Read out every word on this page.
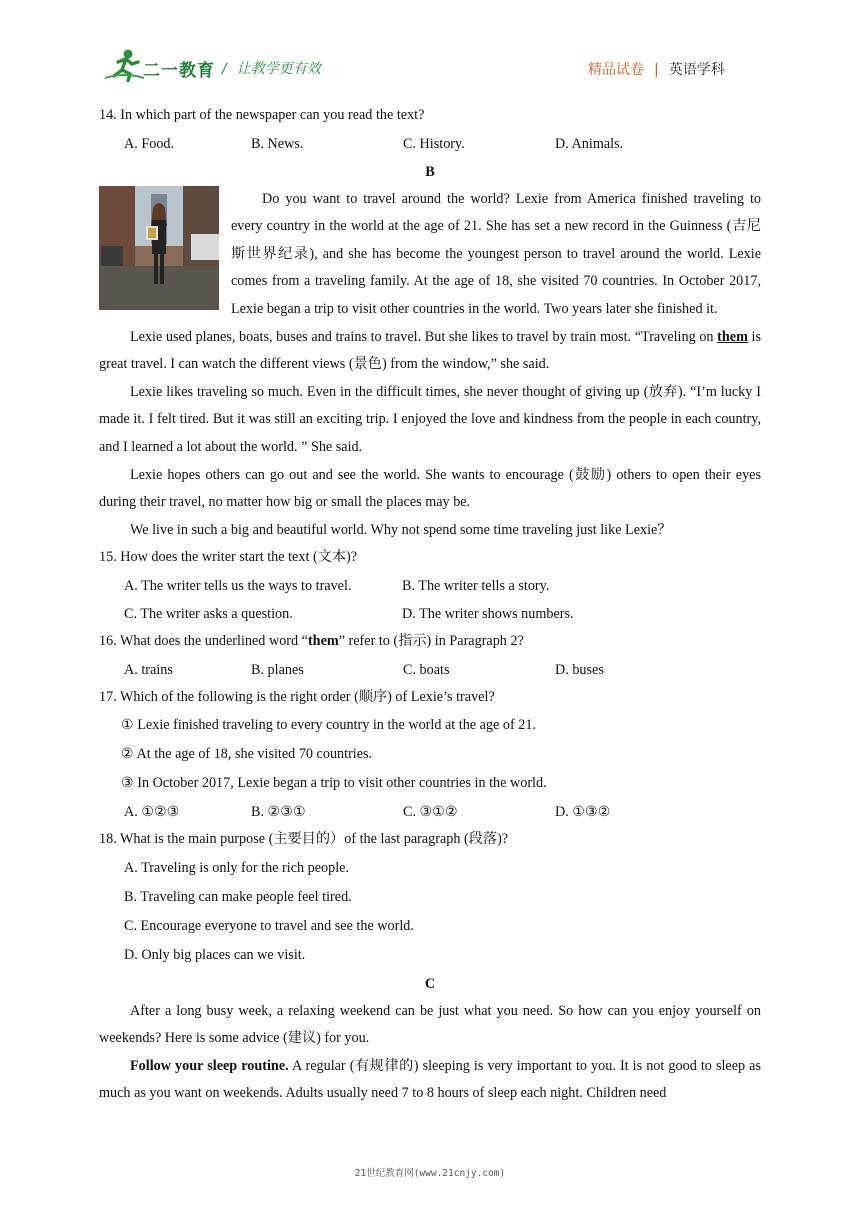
二一教育 / 让教学更有效	精品试卷 | 英语学科

14. In which part of the newspaper can you read the text?

A. Food.	B. News.	C. History.	D. Animals.
B

Do you want to travel around the world? Lexie from America finished traveling to every country in the world at the age of 21. She has set a new record in the Guinness (吉尼斯世界纪录), and she has become the youngest person to travel around the world. Lexie comes from a traveling family. At the age of 18, she visited 70 countries. In October 2017, Lexie began a trip to visit other countries in the world. Two years later she finished it.

Lexie used planes, boats, buses and trains to travel. But she likes to travel by train most. “Traveling on them is great travel. I can watch the different views (景色) from the window,” she said.

Lexie likes traveling so much. Even in the difficult times, she never thought of giving up (放弃). “I’m lucky I made it. I felt tired. But it was still an exciting trip. I enjoyed the love and kindness from the people in each country, and I learned a lot about the world. ” She said.

Lexie hopes others can go out and see the world. She wants to encourage (鼓励) others to open their eyes during their travel, no matter how big or small the places may be.

We live in such a big and beautiful world. Why not spend some time traveling just like Lexie？

15. How does the writer start the text (文本)?

A. The writer tells us the ways to travel.	B. The writer tells a story.
C. The writer asks a question.	D. The writer shows numbers.

16. What does the underlined word “them” refer to (指示) in Paragraph 2?

A. trains	B. planes	C. boats	D. buses

17. Which of the following is the right order (顺序) of Lexie’s travel?

① Lexie finished traveling to every country in the world at the age of 21.
② At the age of 18, she visited 70 countries.
③ In October 2017, Lexie began a trip to visit other countries in the world.
A. ①②③	B. ②③①	C. ③①②	D. ①③②

18. What is the main purpose (主要目的）of the last paragraph (段落)?

A. Traveling is only for the rich people.
B. Traveling can make people feel tired.
C. Encourage everyone to travel and see the world.
D. Only big places can we visit.
C

After a long busy week, a relaxing weekend can be just what you need. So how can you enjoy yourself on weekends? Here is some advice (建议) for you.

Follow your sleep routine. A regular (有规律的) sleeping is very important to you. It is not good to sleep as much as you want on weekends. Adults usually need 7 to 8 hours of sleep each night. Children need

21世纪教育网(www.21cnjy.com)
